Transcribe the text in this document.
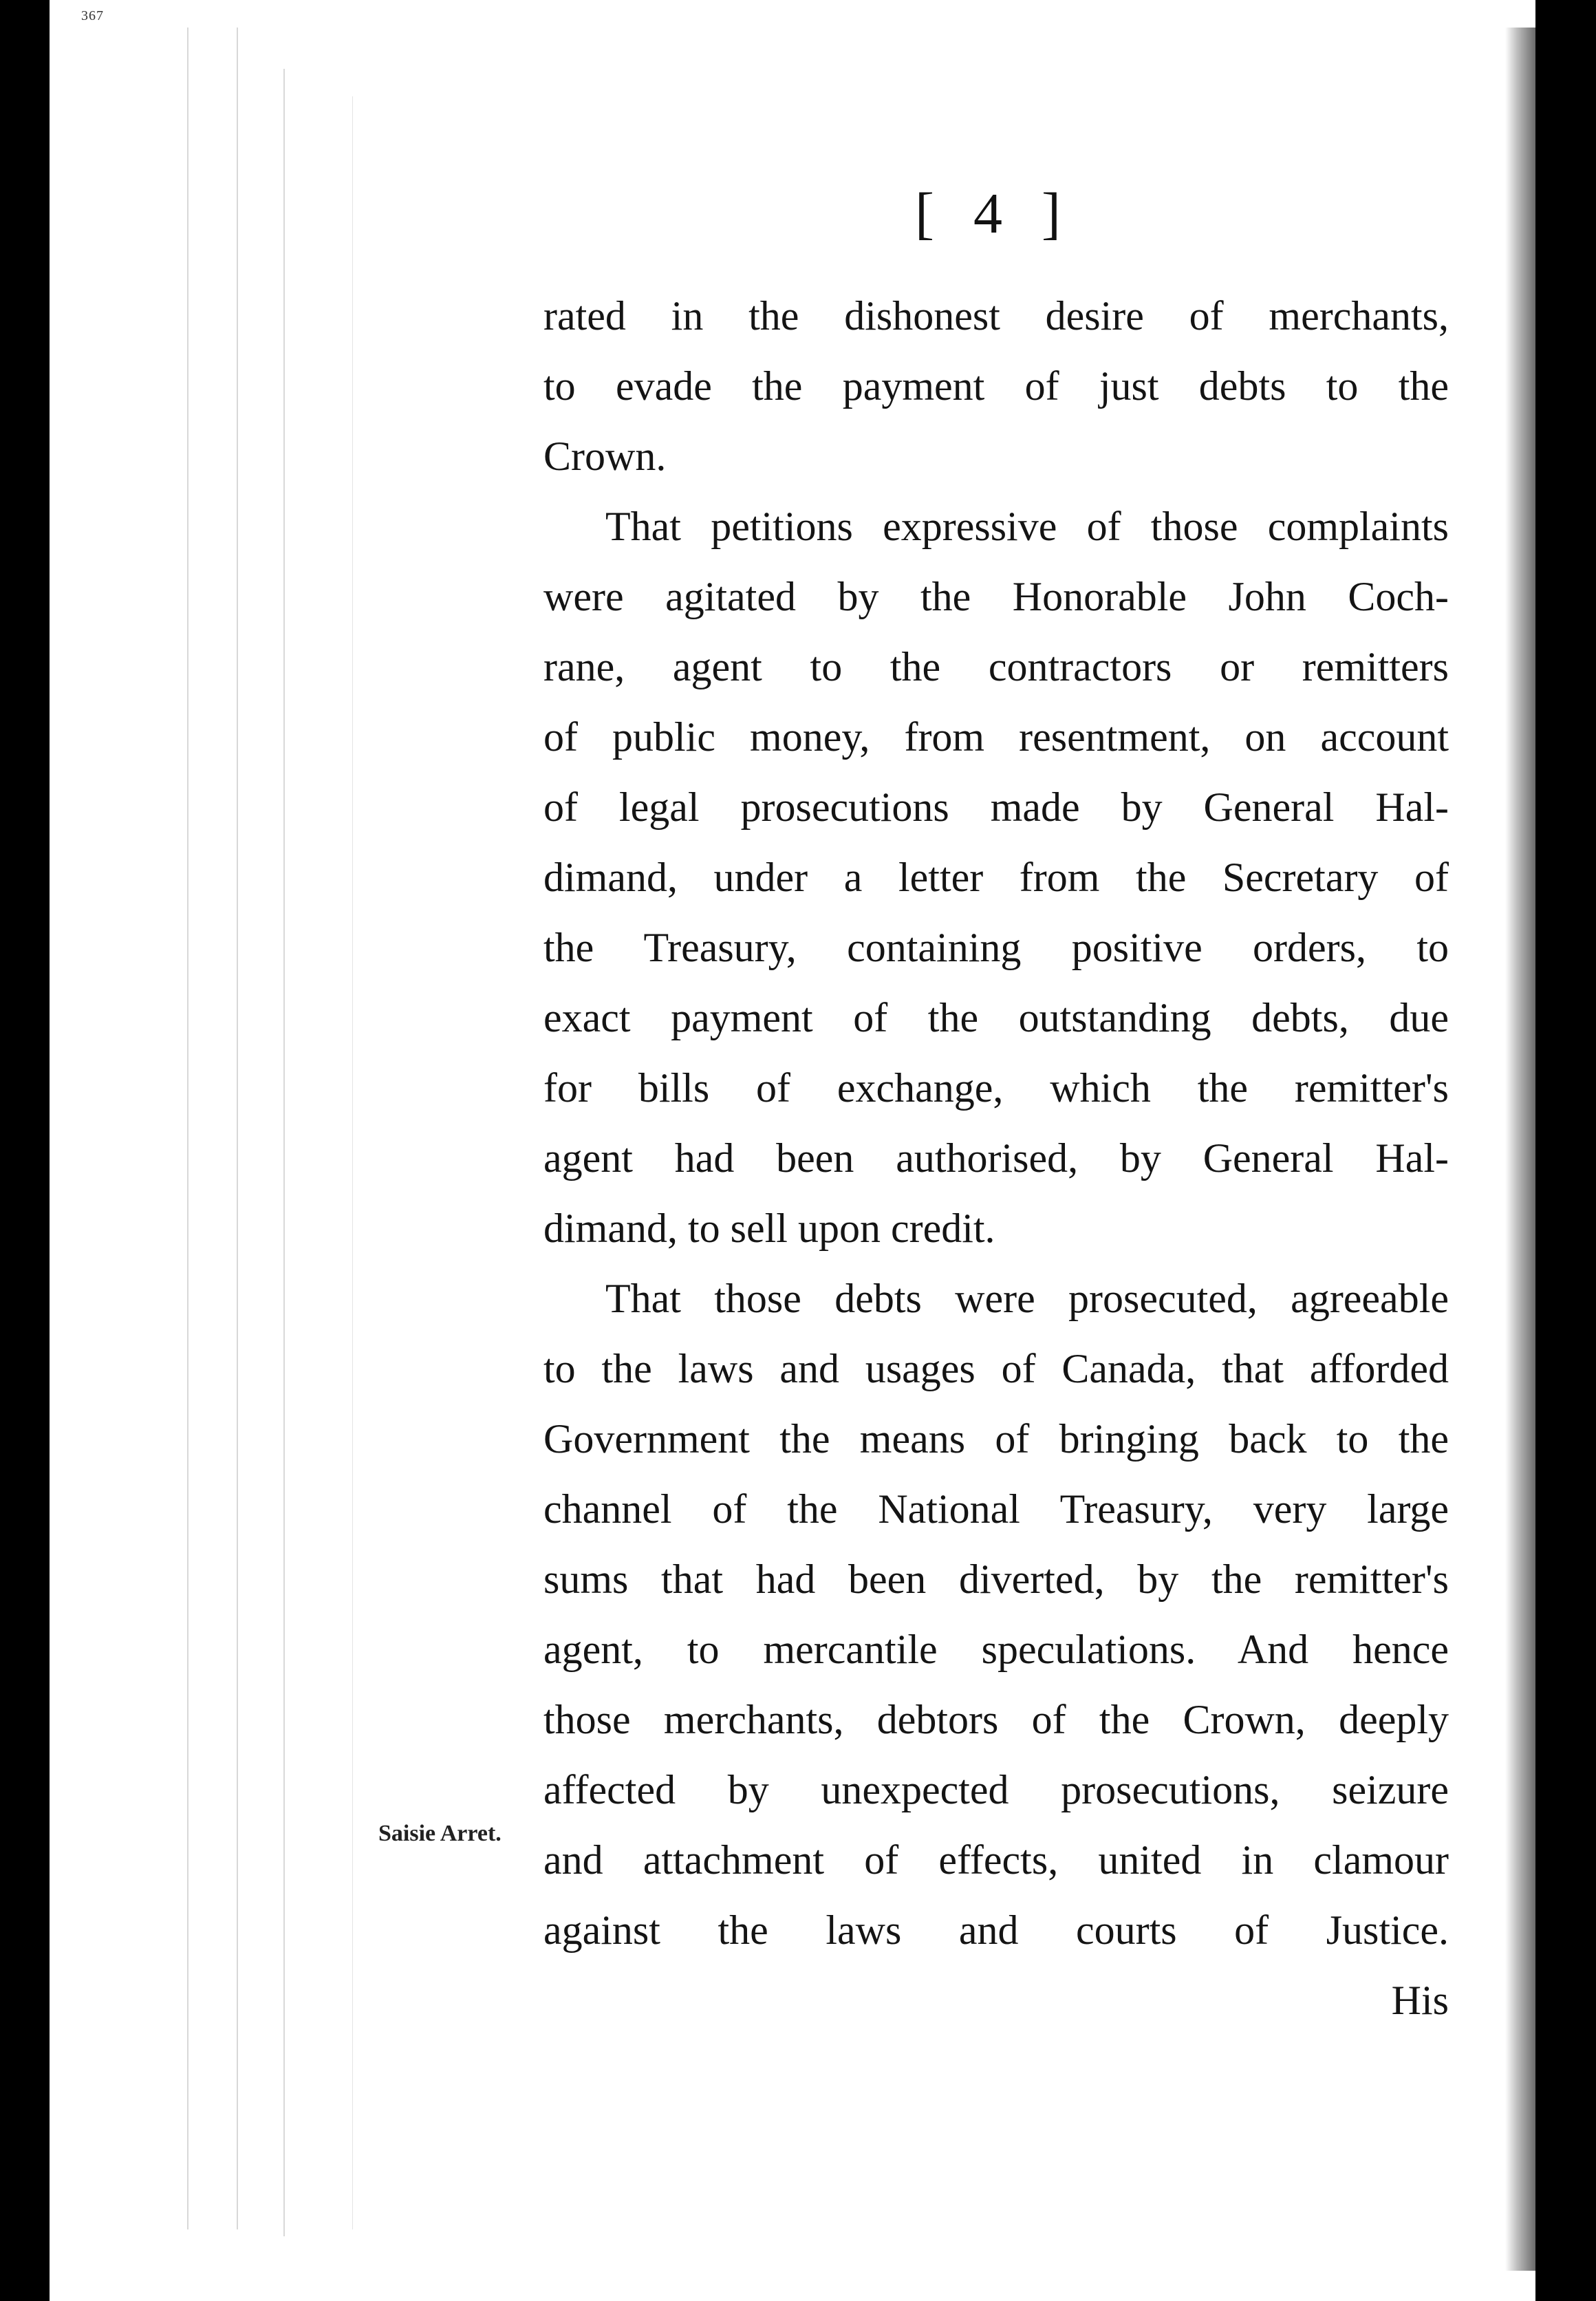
367
[ 4 ]
Saisie Arret.
rated in the dishonest desire of merchants,
to evade the payment of just debts to the
Crown.
That petitions expressive of those complaints
were agitated by the Honorable John Coch-
rane, agent to the contractors or remitters
of public money, from resentment, on account
of legal prosecutions made by General Hal-
dimand, under a letter from the Secretary of
the Treasury, containing positive orders, to
exact payment of the outstanding debts, due
for bills of exchange, which the remitter's
agent had been authorised, by General Hal-
dimand, to sell upon credit.
That those debts were prosecuted, agreeable
to the laws and usages of Canada, that afforded
Government the means of bringing back to the
channel of the National Treasury, very large
sums that had been diverted, by the remitter's
agent, to mercantile speculations. And hence
those merchants, debtors of the Crown, deeply
affected by unexpected prosecutions, seizure
and attachment of effects, united in clamour
against the laws and courts of Justice.
His
